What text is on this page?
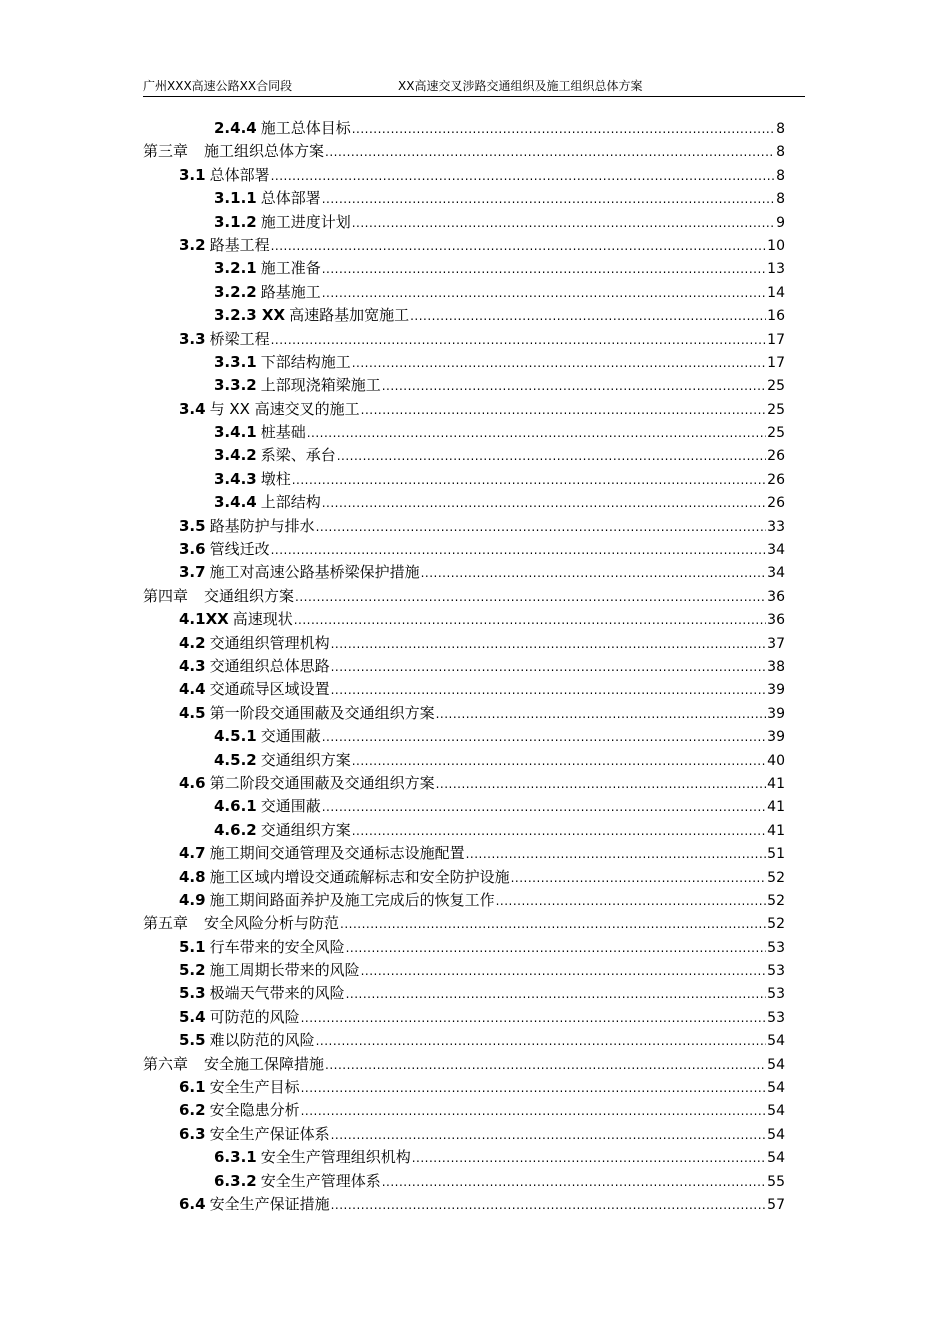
广州XXX高速公路XX合同段	XX高速交叉涉路交通组织及施工组织总体方案
2.4.4 施工总体目标 .....	8
第三章 施工组织总体方案 .....	8
3.1 总体部署 .....	8
3.1.1 总体部署 .....	8
3.1.2 施工进度计划 .....	9
3.2 路基工程 .....	10
3.2.1 施工准备 .....	13
3.2.2 路基施工 .....	14
3.2.3 XX 高速路基加宽施工 .....	16
3.3 桥梁工程 .....	17
3.3.1 下部结构施工 .....	17
3.3.2 上部现浇箱梁施工 .....	25
3.4 与 XX 高速交叉的施工 .....	25
3.4.1 桩基础 .....	25
3.4.2 系梁、承台 .....	26
3.4.3 墩柱 .....	26
3.4.4 上部结构 .....	26
3.5 路基防护与排水 .....	33
3.6 管线迁改 .....	34
3.7 施工对高速公路基桥梁保护措施 .....	34
第四章 交通组织方案 .....	36
4.1XX 高速现状 .....	36
4.2 交通组织管理机构 .....	37
4.3 交通组织总体思路 .....	38
4.4 交通疏导区域设置 .....	39
4.5 第一阶段交通围蔽及交通组织方案 .....	39
4.5.1 交通围蔽 .....	39
4.5.2 交通组织方案 .....	40
4.6 第二阶段交通围蔽及交通组织方案 .....	41
4.6.1 交通围蔽 .....	41
4.6.2 交通组织方案 .....	41
4.7 施工期间交通管理及交通标志设施配置 .....	51
4.8 施工区域内增设交通疏解标志和安全防护设施 .....	52
4.9 施工期间路面养护及施工完成后的恢复工作 .....	52
第五章 安全风险分析与防范 .....	52
5.1 行车带来的安全风险 .....	53
5.2 施工周期长带来的风险 .....	53
5.3 极端天气带来的风险 .....	53
5.4 可防范的风险 .....	53
5.5 难以防范的风险 .....	54
第六章 安全施工保障措施 .....	54
6.1 安全生产目标 .....	54
6.2 安全隐患分析 .....	54
6.3 安全生产保证体系 .....	54
6.3.1 安全生产管理组织机构 .....	54
6.3.2 安全生产管理体系 .....	55
6.4 安全生产保证措施 .....	57
